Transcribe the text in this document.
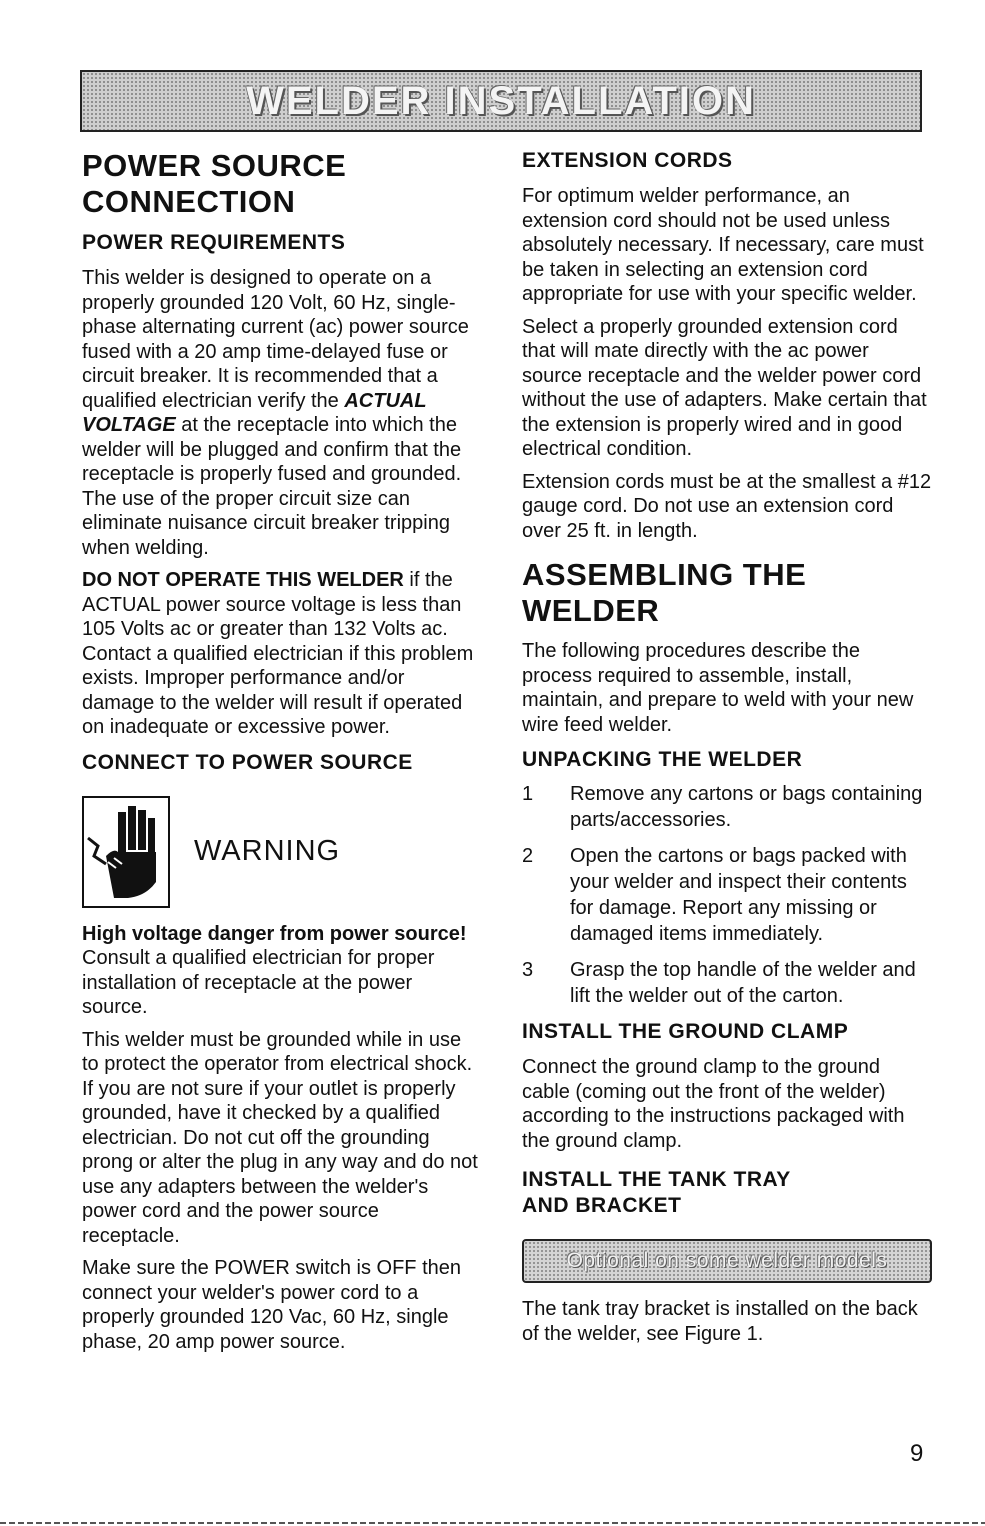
WELDER INSTALLATION
POWER SOURCE
CONNECTION
POWER REQUIREMENTS

This welder is designed to operate on a properly grounded 120 Volt, 60 Hz, single-phase alternating current (ac) power source fused with a 20 amp time-delayed fuse or circuit breaker. It is recommended that a qualified electrician verify the ACTUAL VOLTAGE at the receptacle into which the welder will be plugged and confirm that the receptacle is properly fused and grounded. The use of the proper circuit size can eliminate nuisance circuit breaker tripping when welding.

DO NOT OPERATE THIS WELDER if the ACTUAL power source voltage is less than 105 Volts ac or greater than 132 Volts ac. Contact a qualified electrician if this problem exists. Improper performance and/or damage to the welder will result if operated on inadequate or excessive power.

CONNECT TO POWER SOURCE
WARNING

High voltage danger from power source! Consult a qualified electrician for proper installation of receptacle at the power source.

This welder must be grounded while in use to protect the operator from electrical shock. If you are not sure if your outlet is properly grounded, have it checked by a qualified electrician. Do not cut off the grounding prong or alter the plug in any way and do not use any adapters between the welder's power cord and the power source receptacle.

Make sure the POWER switch is OFF then connect your welder's power cord to a properly grounded 120 Vac, 60 Hz, single phase, 20 amp power source.

EXTENSION CORDS

For optimum welder performance, an extension cord should not be used unless absolutely necessary. If necessary, care must be taken in selecting an extension cord appropriate for use with your specific welder.

Select a properly grounded extension cord that will mate directly with the ac power source receptacle and the welder power cord without the use of adapters. Make certain that the extension is properly wired and in good electrical condition.

Extension cords must be at the smallest a #12 gauge cord. Do not use an extension cord over 25 ft. in length.

ASSEMBLING THE
WELDER

The following procedures describe the process required to assemble, install, maintain, and prepare to weld with your new wire feed welder.

UNPACKING THE WELDER
1	Remove any cartons or bags containing parts/accessories.
2	Open the cartons or bags packed with your welder and inspect their contents for damage. Report any missing or damaged items immediately.
3	Grasp the top handle of the welder and lift the welder out of the carton.
INSTALL THE GROUND CLAMP

Connect the ground clamp to the ground cable (coming out the front of the welder) according to the instructions packaged with the ground clamp.

INSTALL THE TANK TRAY
AND BRACKET
Optional on some welder models

The tank tray bracket is installed on the back of the welder, see Figure 1.

9
